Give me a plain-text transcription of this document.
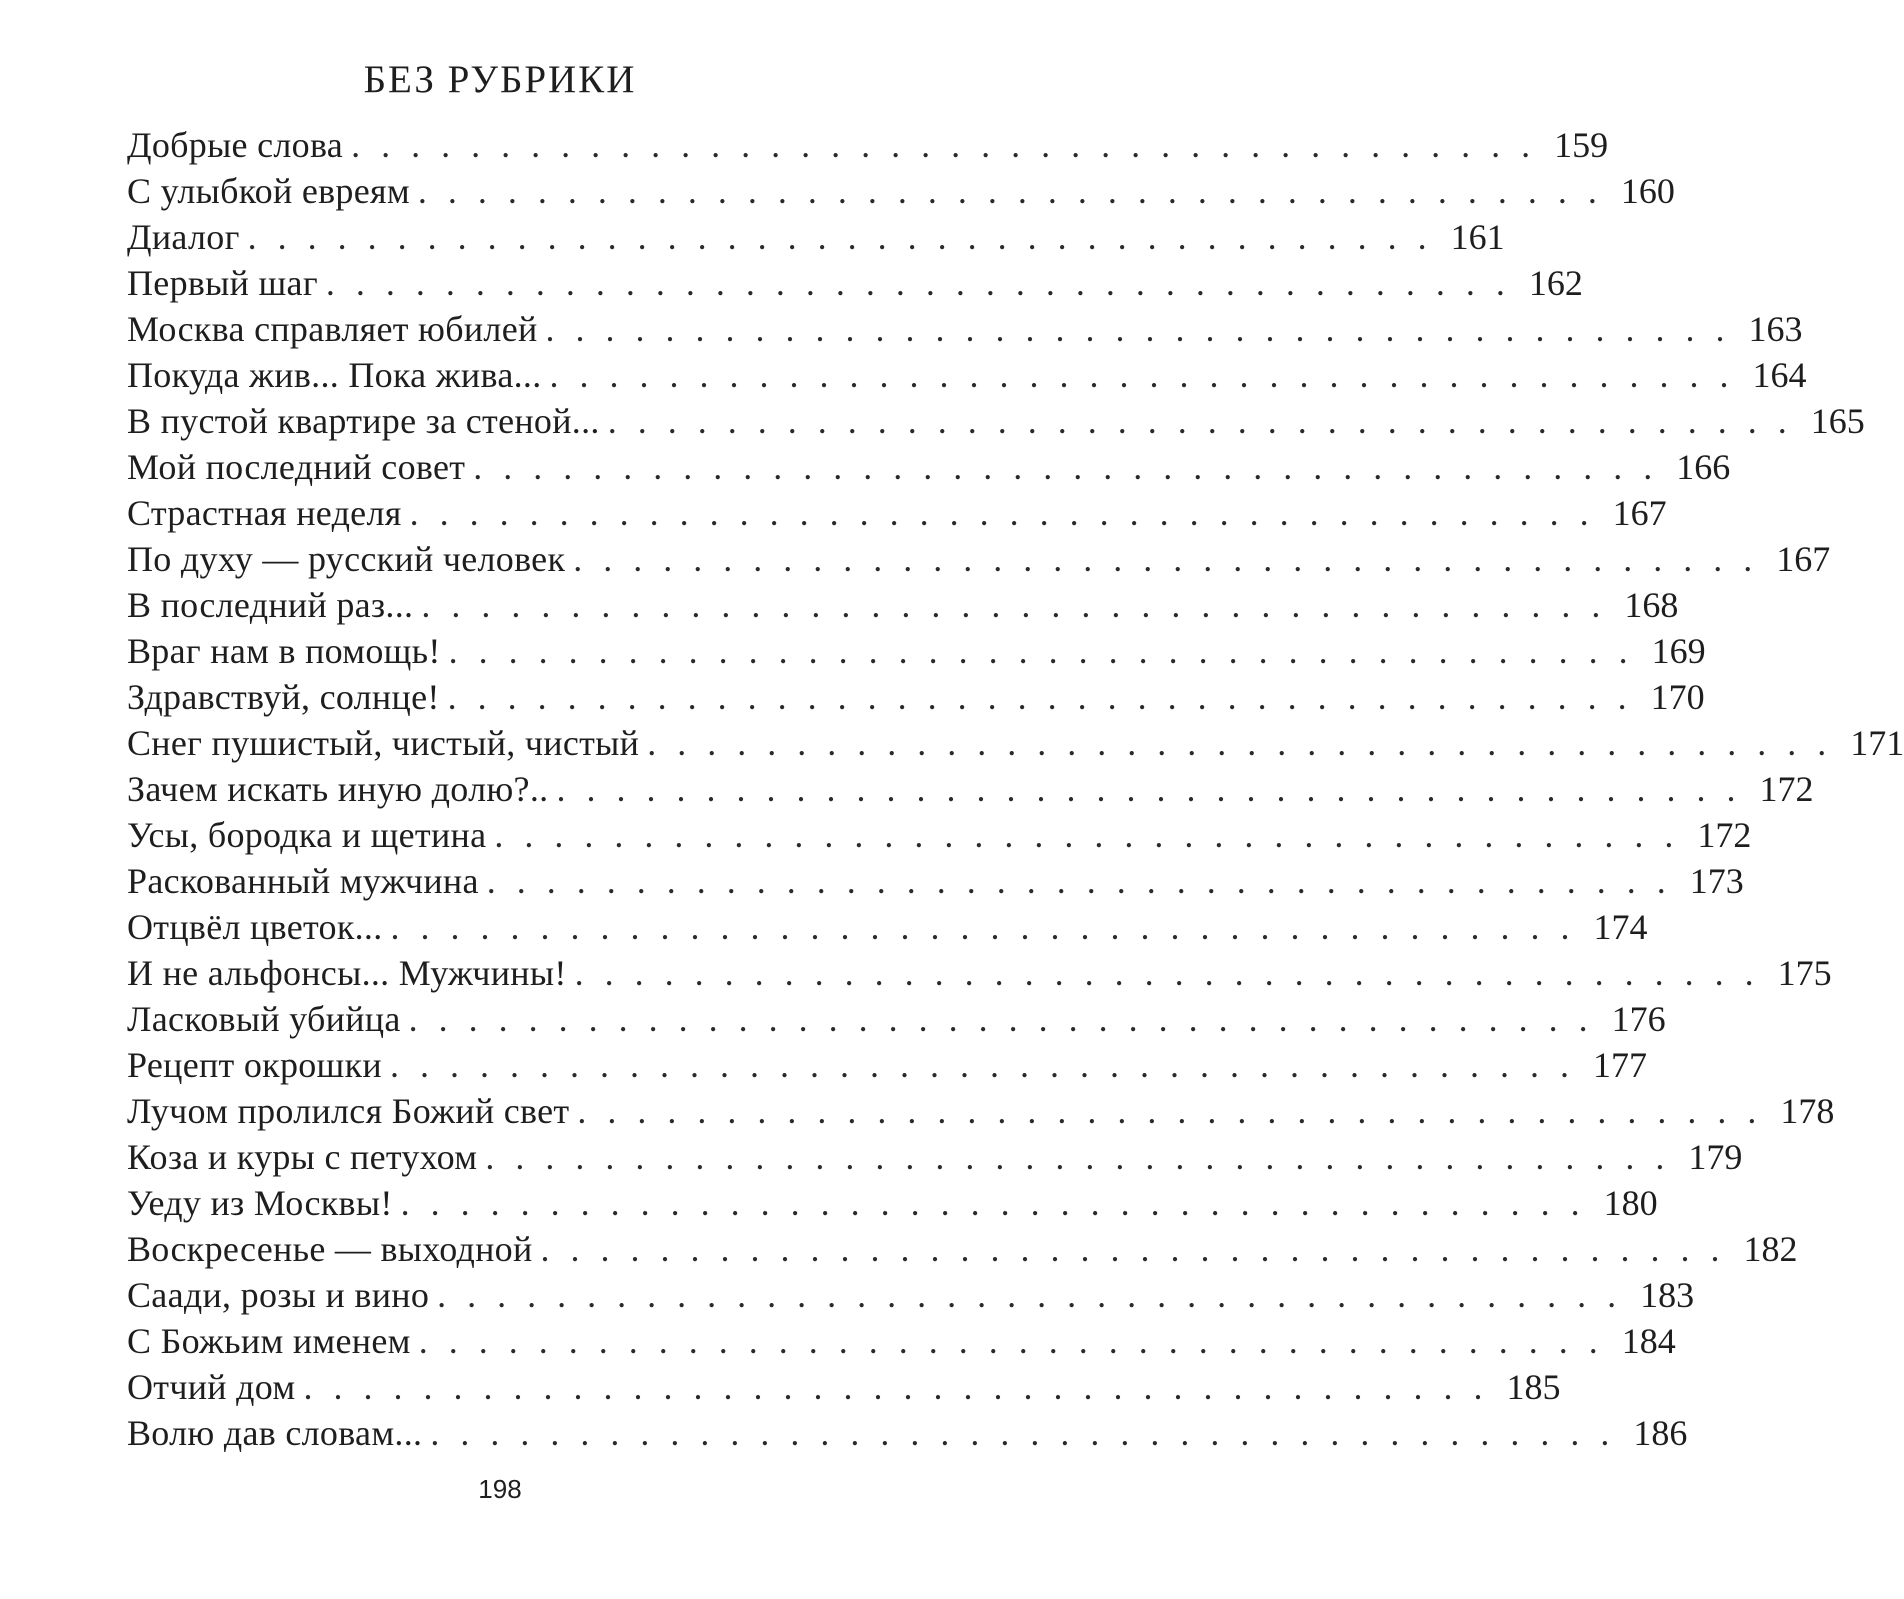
БЕЗ РУБРИКИ
Добрые слова . . . . . . . . . . . . . . . . . . . . . . . . . . . . . . . . . . . . . . . . 159
С улыбкой евреям . . . . . . . . . . . . . . . . . . . . . . . . . . . . . . . . . . . . . . . . 160
Диалог . . . . . . . . . . . . . . . . . . . . . . . . . . . . . . . . . . . . . . . . 161
Первый шаг . . . . . . . . . . . . . . . . . . . . . . . . . . . . . . . . . . . . . . . . 162
Москва справляет юбилей . . . . . . . . . . . . . . . . . . . . . . . . . . . . . . . . . . . . . . . . 163
Покуда жив... Пока жива... . . . . . . . . . . . . . . . . . . . . . . . . . . . . . . . . . . . . . . . . 164
В пустой квартире за стеной... . . . . . . . . . . . . . . . . . . . . . . . . . . . . . . . . . . . . . . . . 165
Мой последний совет . . . . . . . . . . . . . . . . . . . . . . . . . . . . . . . . . . . . . . . . 166
Страстная неделя . . . . . . . . . . . . . . . . . . . . . . . . . . . . . . . . . . . . . . . . 167
По духу — русский человек . . . . . . . . . . . . . . . . . . . . . . . . . . . . . . . . . . . . . . . . 167
В последний раз... . . . . . . . . . . . . . . . . . . . . . . . . . . . . . . . . . . . . . . . . 168
Враг нам в помощь! . . . . . . . . . . . . . . . . . . . . . . . . . . . . . . . . . . . . . . . . 169
Здравствуй, солнце! . . . . . . . . . . . . . . . . . . . . . . . . . . . . . . . . . . . . . . . . 170
Снег пушистый, чистый, чистый . . . . . . . . . . . . . . . . . . . . . . . . . . . . . . . . . . . . . . . . 171
Зачем искать иную долю?.. . . . . . . . . . . . . . . . . . . . . . . . . . . . . . . . . . . . . . . . . 172
Усы, бородка и щетина . . . . . . . . . . . . . . . . . . . . . . . . . . . . . . . . . . . . . . . . 172
Раскованный мужчина . . . . . . . . . . . . . . . . . . . . . . . . . . . . . . . . . . . . . . . . 173
Отцвёл цветок... . . . . . . . . . . . . . . . . . . . . . . . . . . . . . . . . . . . . . . . . 174
И не альфонсы... Мужчины! . . . . . . . . . . . . . . . . . . . . . . . . . . . . . . . . . . . . . . . . 175
Ласковый убийца . . . . . . . . . . . . . . . . . . . . . . . . . . . . . . . . . . . . . . . . 176
Рецепт окрошки . . . . . . . . . . . . . . . . . . . . . . . . . . . . . . . . . . . . . . . . 177
Лучом пролился Божий свет . . . . . . . . . . . . . . . . . . . . . . . . . . . . . . . . . . . . . . . . 178
Коза и куры с петухом . . . . . . . . . . . . . . . . . . . . . . . . . . . . . . . . . . . . . . . . 179
Уеду из Москвы! . . . . . . . . . . . . . . . . . . . . . . . . . . . . . . . . . . . . . . . . 180
Воскресенье — выходной . . . . . . . . . . . . . . . . . . . . . . . . . . . . . . . . . . . . . . . . 182
Саади, розы и вино . . . . . . . . . . . . . . . . . . . . . . . . . . . . . . . . . . . . . . . . 183
С Божьим именем . . . . . . . . . . . . . . . . . . . . . . . . . . . . . . . . . . . . . . . . 184
Отчий дом . . . . . . . . . . . . . . . . . . . . . . . . . . . . . . . . . . . . . . . . 185
Волю дав словам... . . . . . . . . . . . . . . . . . . . . . . . . . . . . . . . . . . . . . . . . 186
198
